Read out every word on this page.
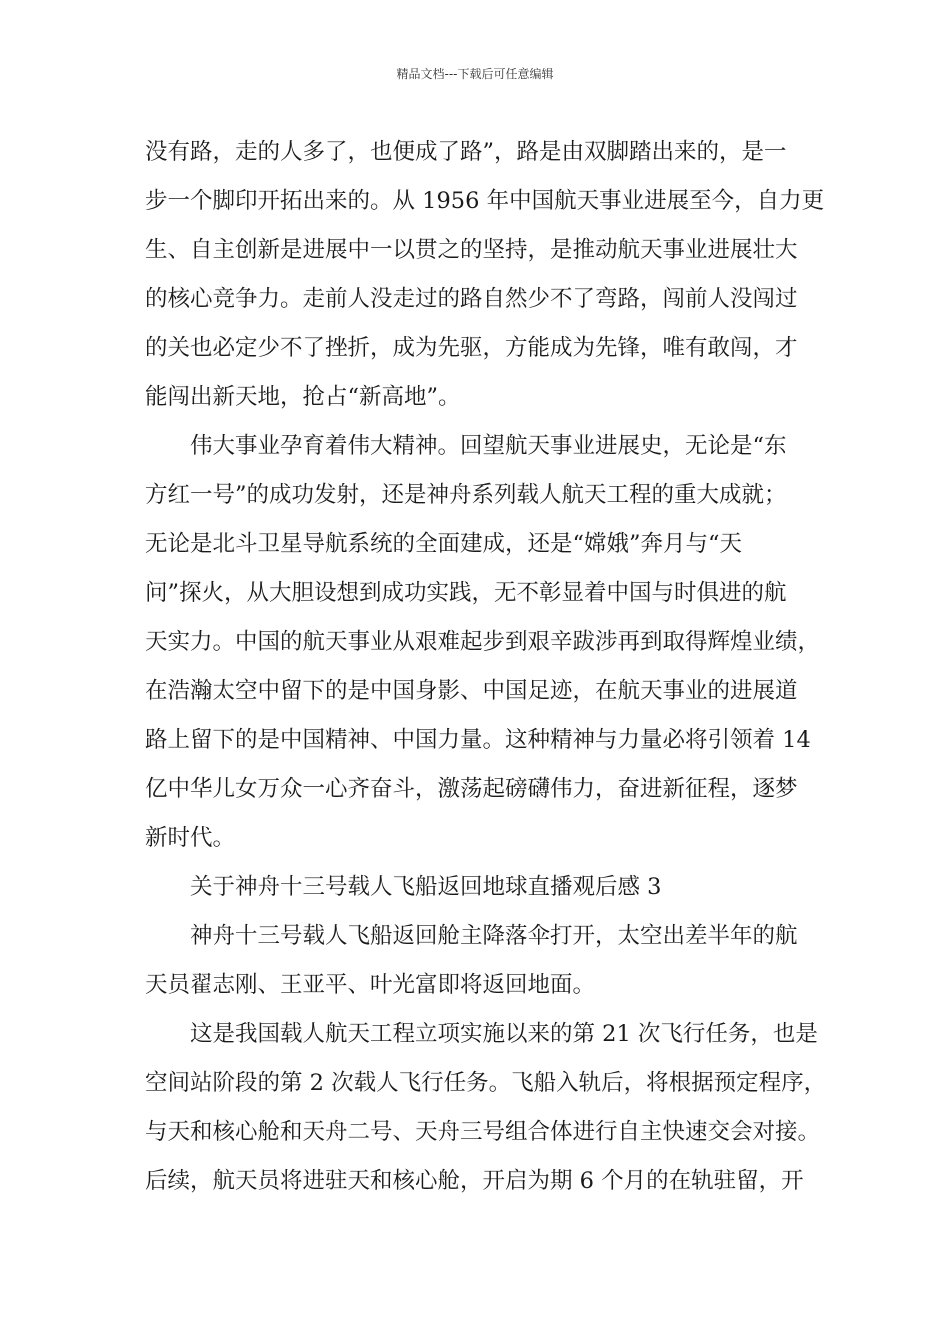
精品文档---下载后可任意编辑
没有路，走的人多了，也便成了路”，路是由双脚踏出来的，是一
步一个脚印开拓出来的。从 1956 年中国航天事业进展至今，自力更
生、自主创新是进展中一以贯之的坚持，是推动航天事业进展壮大
的核心竞争力。走前人没走过的路自然少不了弯路，闯前人没闯过
的关也必定少不了挫折，成为先驱，方能成为先锋，唯有敢闯，才
能闯出新天地，抢占“新高地”。
伟大事业孕育着伟大精神。回望航天事业进展史，无论是“东
方红一号”的成功发射，还是神舟系列载人航天工程的重大成就；
无论是北斗卫星导航系统的全面建成，还是“嫦娥”奔月与“天
问”探火，从大胆设想到成功实践，无不彰显着中国与时俱进的航
天实力。中国的航天事业从艰难起步到艰辛跋涉再到取得辉煌业绩，
在浩瀚太空中留下的是中国身影、中国足迹，在航天事业的进展道
路上留下的是中国精神、中国力量。这种精神与力量必将引领着 14
亿中华儿女万众一心齐奋斗，激荡起磅礴伟力，奋进新征程，逐梦
新时代。
关于神舟十三号载人飞船返回地球直播观后感 3
神舟十三号载人飞船返回舱主降落伞打开，太空出差半年的航
天员翟志刚、王亚平、叶光富即将返回地面。
这是我国载人航天工程立项实施以来的第 21 次飞行任务，也是
空间站阶段的第 2 次载人飞行任务。飞船入轨后，将根据预定程序，
与天和核心舱和天舟二号、天舟三号组合体进行自主快速交会对接。
后续，航天员将进驻天和核心舱，开启为期 6 个月的在轨驻留，开
